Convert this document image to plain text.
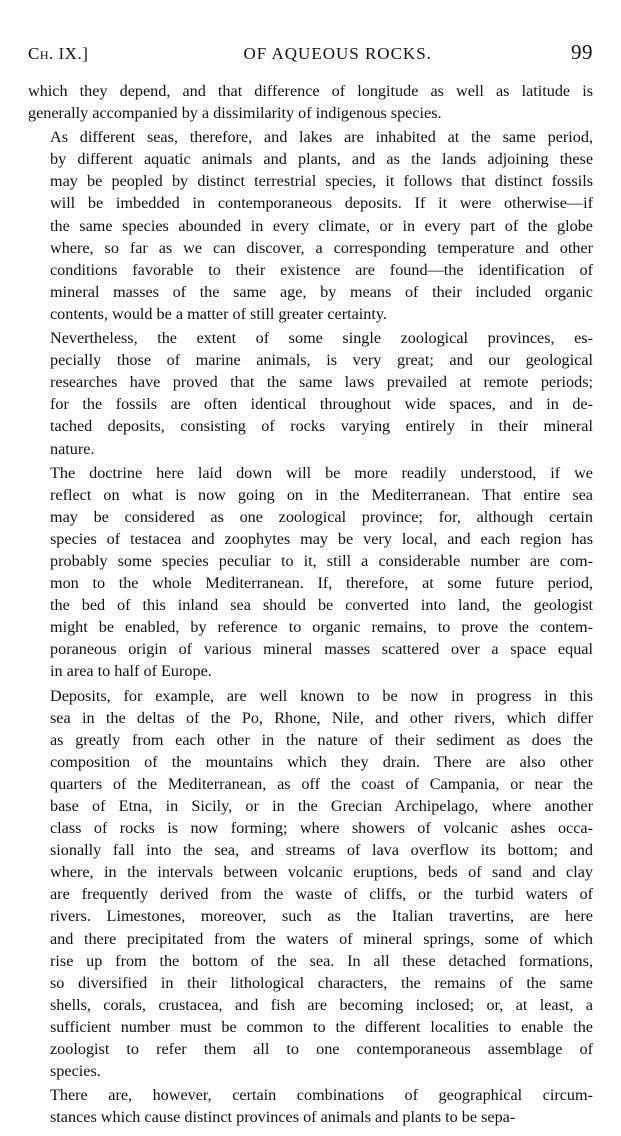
Ch. IX.]	OF AQUEOUS ROCKS.	99
which they depend, and that difference of longitude as well as latitude is
generally accompanied by a dissimilarity of indigenous species.
As different seas, therefore, and lakes are inhabited at the same period,
by different aquatic animals and plants, and as the lands adjoining these
may be peopled by distinct terrestrial species, it follows that distinct fossils
will be imbedded in contemporaneous deposits. If it were otherwise—if
the same species abounded in every climate, or in every part of the globe
where, so far as we can discover, a corresponding temperature and other
conditions favorable to their existence are found—the identification of
mineral masses of the same age, by means of their included organic
contents, would be a matter of still greater certainty.
Nevertheless, the extent of some single zoological provinces, es-
pecially those of marine animals, is very great; and our geological
researches have proved that the same laws prevailed at remote periods;
for the fossils are often identical throughout wide spaces, and in de-
tached deposits, consisting of rocks varying entirely in their mineral
nature.
The doctrine here laid down will be more readily understood, if we
reflect on what is now going on in the Mediterranean. That entire sea
may be considered as one zoological province; for, although certain
species of testacea and zoophytes may be very local, and each region has
probably some species peculiar to it, still a considerable number are com-
mon to the whole Mediterranean. If, therefore, at some future period,
the bed of this inland sea should be converted into land, the geologist
might be enabled, by reference to organic remains, to prove the contem-
poraneous origin of various mineral masses scattered over a space equal
in area to half of Europe.
Deposits, for example, are well known to be now in progress in this
sea in the deltas of the Po, Rhone, Nile, and other rivers, which differ
as greatly from each other in the nature of their sediment as does the
composition of the mountains which they drain. There are also other
quarters of the Mediterranean, as off the coast of Campania, or near the
base of Etna, in Sicily, or in the Grecian Archipelago, where another
class of rocks is now forming; where showers of volcanic ashes occa-
sionally fall into the sea, and streams of lava overflow its bottom; and
where, in the intervals between volcanic eruptions, beds of sand and clay
are frequently derived from the waste of cliffs, or the turbid waters of
rivers. Limestones, moreover, such as the Italian travertins, are here
and there precipitated from the waters of mineral springs, some of which
rise up from the bottom of the sea. In all these detached formations,
so diversified in their lithological characters, the remains of the same
shells, corals, crustacea, and fish are becoming inclosed; or, at least, a
sufficient number must be common to the different localities to enable the
zoologist to refer them all to one contemporaneous assemblage of
species.
There are, however, certain combinations of geographical circum-
stances which cause distinct provinces of animals and plants to be sepa-
